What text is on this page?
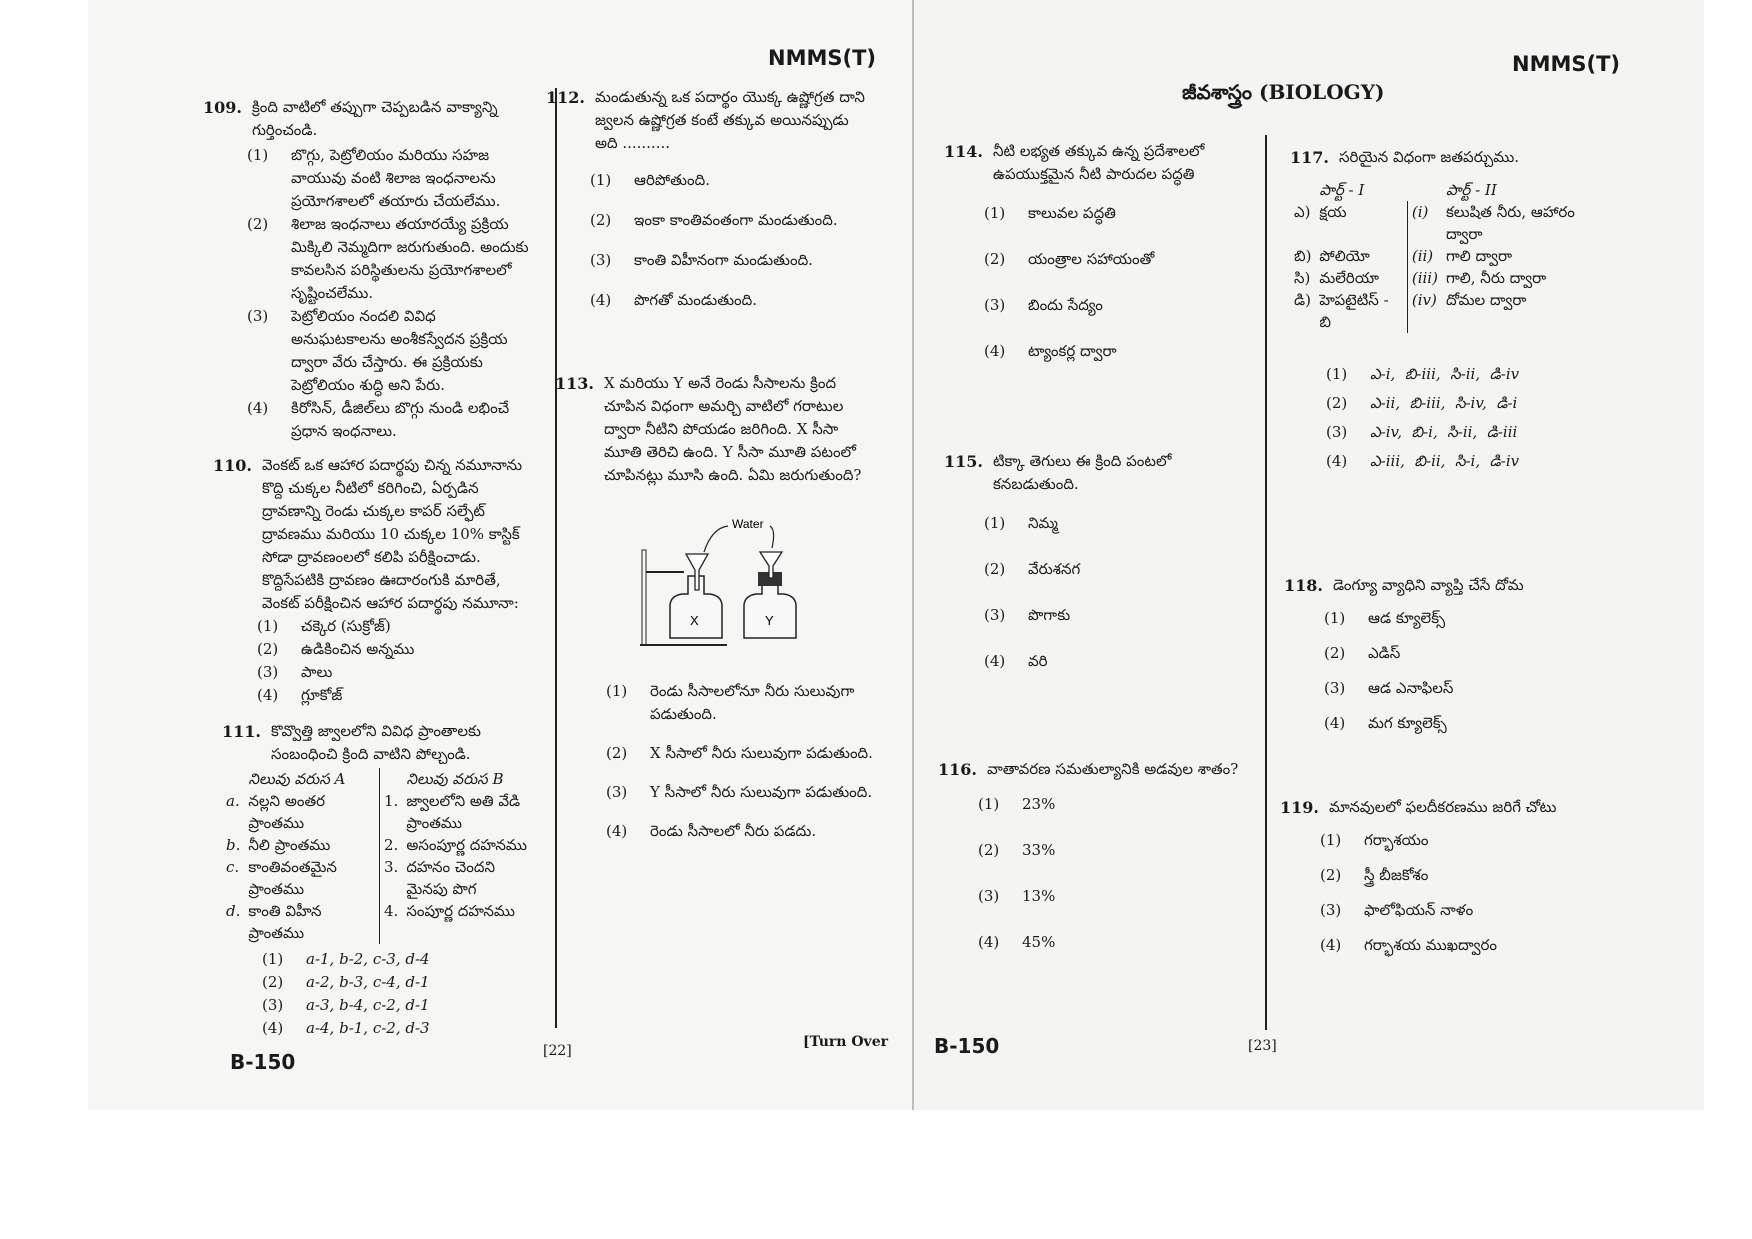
NMMS(T)
109. క్రింది వాటిలో తప్పుగా చెప్పబడిన వాక్యాన్ని గుర్తించండి.
(1)	బొగ్గు, పెట్రోలియం మరియు సహజ వాయువు వంటి శిలాజ ఇంధనాలను ప్రయోగశాలలో తయారు చేయలేము.
(2)	శిలాజ ఇంధనాలు తయారయ్యే ప్రక్రియ మిక్కిలి నెమ్మదిగా జరుగుతుంది. అందుకు కావలసిన పరిస్థితులను ప్రయోగశాలలో సృష్టించలేము.
(3)	పెట్రోలియం నందలి వివిధ అనుఘటకాలను అంశీకస్వేదన ప్రక్రియ ద్వారా వేరు చేస్తారు. ఈ ప్రక్రియకు పెట్రోలియం శుద్ధి అని పేరు.
(4)	కిరోసిన్, డీజిల్‌లు బొగ్గు నుండి లభించే ప్రధాన ఇంధనాలు.
110. వెంకట్ ఒక ఆహార పదార్థపు చిన్న నమూనాను కొద్ది చుక్కల నీటిలో కరిగించి, ఏర్పడిన ద్రావణాన్ని రెండు చుక్కల కాపర్ సల్ఫేట్ ద్రావణము మరియు 10 చుక్కల 10% కాస్టిక్ సోడా ద్రావణంలలో కలిపి పరీక్షించాడు. కొద్దిసేపటికి ద్రావణం ఊదారంగుకి మారితే, వెంకట్ పరీక్షించిన ఆహార పదార్థపు నమూనా:
(1)	చక్కెర (సుక్రోజ్)
(2)	ఉడికించిన అన్నము
(3)	పాలు
(4)	గ్లూకోజ్
111. కొవ్వొత్తి జ్వాలలోని వివిధ ప్రాంతాలకు సంబంధించి క్రింది వాటిని పోల్చండి.
	నిలువు వరుస A		నిలువు వరుస B
a.	నల్లని అంతర ప్రాంతము	1.	జ్వాలలోని అతి వేడి ప్రాంతము
b.	నీలి ప్రాంతము	2.	అసంపూర్ణ దహనము
c.	కాంతివంతమైన ప్రాంతము	3.	దహనం చెందని మైనపు పొగ
d.	కాంతి విహీన ప్రాంతము	4.	సంపూర్ణ దహనము
(1)	a-1, b-2, c-3, d-4
(2)	a-2, b-3, c-4, d-1
(3)	a-3, b-4, c-2, d-1
(4)	a-4, b-1, c-2, d-3
112. మండుతున్న ఒక పదార్థం యొక్క ఉష్ణోగ్రత దాని జ్వలన ఉష్ణోగ్రత కంటే తక్కువ అయినప్పుడు అది ..........
(1)	ఆరిపోతుంది.
(2)	ఇంకా కాంతివంతంగా మండుతుంది.
(3)	కాంతి విహీనంగా మండుతుంది.
(4)	పొగతో మండుతుంది.
113. X మరియు Y అనే రెండు సీసాలను క్రింద చూపిన విధంగా అమర్చి వాటిలో గరాటుల ద్వారా నీటిని పోయడం జరిగింది. X సీసా మూతి తెరిచి ఉంది. Y సీసా మూతి పటంలో చూపినట్లు మూసి ఉంది. ఏమి జరుగుతుంది?
Water
X	Y
(1)	రెండు సీసాలలోనూ నీరు సులువుగా పడుతుంది.
(2)	X సీసాలో నీరు సులువుగా పడుతుంది.
(3)	Y సీసాలో నీరు సులువుగా పడుతుంది.
(4)	రెండు సీసాలలో నీరు పడదు.
B-150	[22]
[Turn Over
NMMS(T)
జీవశాస్త్రం (BIOLOGY)
114. నీటి లభ్యత తక్కువ ఉన్న ప్రదేశాలలో ఉపయుక్తమైన నీటి పారుదల పద్ధతి
(1)	కాలువల పద్ధతి
(2)	యంత్రాల సహాయంతో
(3)	బిందు సేద్యం
(4)	ట్యాంకర్ల ద్వారా
115. టిక్కా తెగులు ఈ క్రింది పంటలో కనబడుతుంది.
(1)	నిమ్మ
(2)	వేరుశనగ
(3)	పొగాకు
(4)	వరి
116. వాతావరణ సమతుల్యానికి అడవుల శాతం?
(1)	23%
(2)	33%
(3)	13%
(4)	45%
117. సరియైన విధంగా జతపర్చుము.
	పార్ట్ - I		పార్ట్ - II
ఎ)	క్షయ	(i)	కలుషిత నీరు, ఆహారం ద్వారా
బి)	పోలియో	(ii)	గాలి ద్వారా
సి)	మలేరియా	(iii)	గాలి, నీరు ద్వారా
డి)	హెపటైటిస్ - బి	(iv)	దోమల ద్వారా
(1)	ఎ-i,  బి-iii,  సి-ii,  డి-iv
(2)	ఎ-ii,  బి-iii,  సి-iv,  డి-i
(3)	ఎ-iv,  బి-i,  సి-ii,  డి-iii
(4)	ఎ-iii,  బి-ii,  సి-i,  డి-iv
118. డెంగ్యూ వ్యాధిని వ్యాప్తి చేసే దోమ
(1)	ఆడ క్యూలెక్స్
(2)	ఎడిస్
(3)	ఆడ ఎనాఫిలస్
(4)	మగ క్యూలెక్స్
119. మానవులలో ఫలదీకరణము జరిగే చోటు
(1)	గర్భాశయం
(2)	స్త్రీ బీజకోశం
(3)	ఫాలోఫియన్ నాళం
(4)	గర్భాశయ ముఖద్వారం
B-150	[23]
